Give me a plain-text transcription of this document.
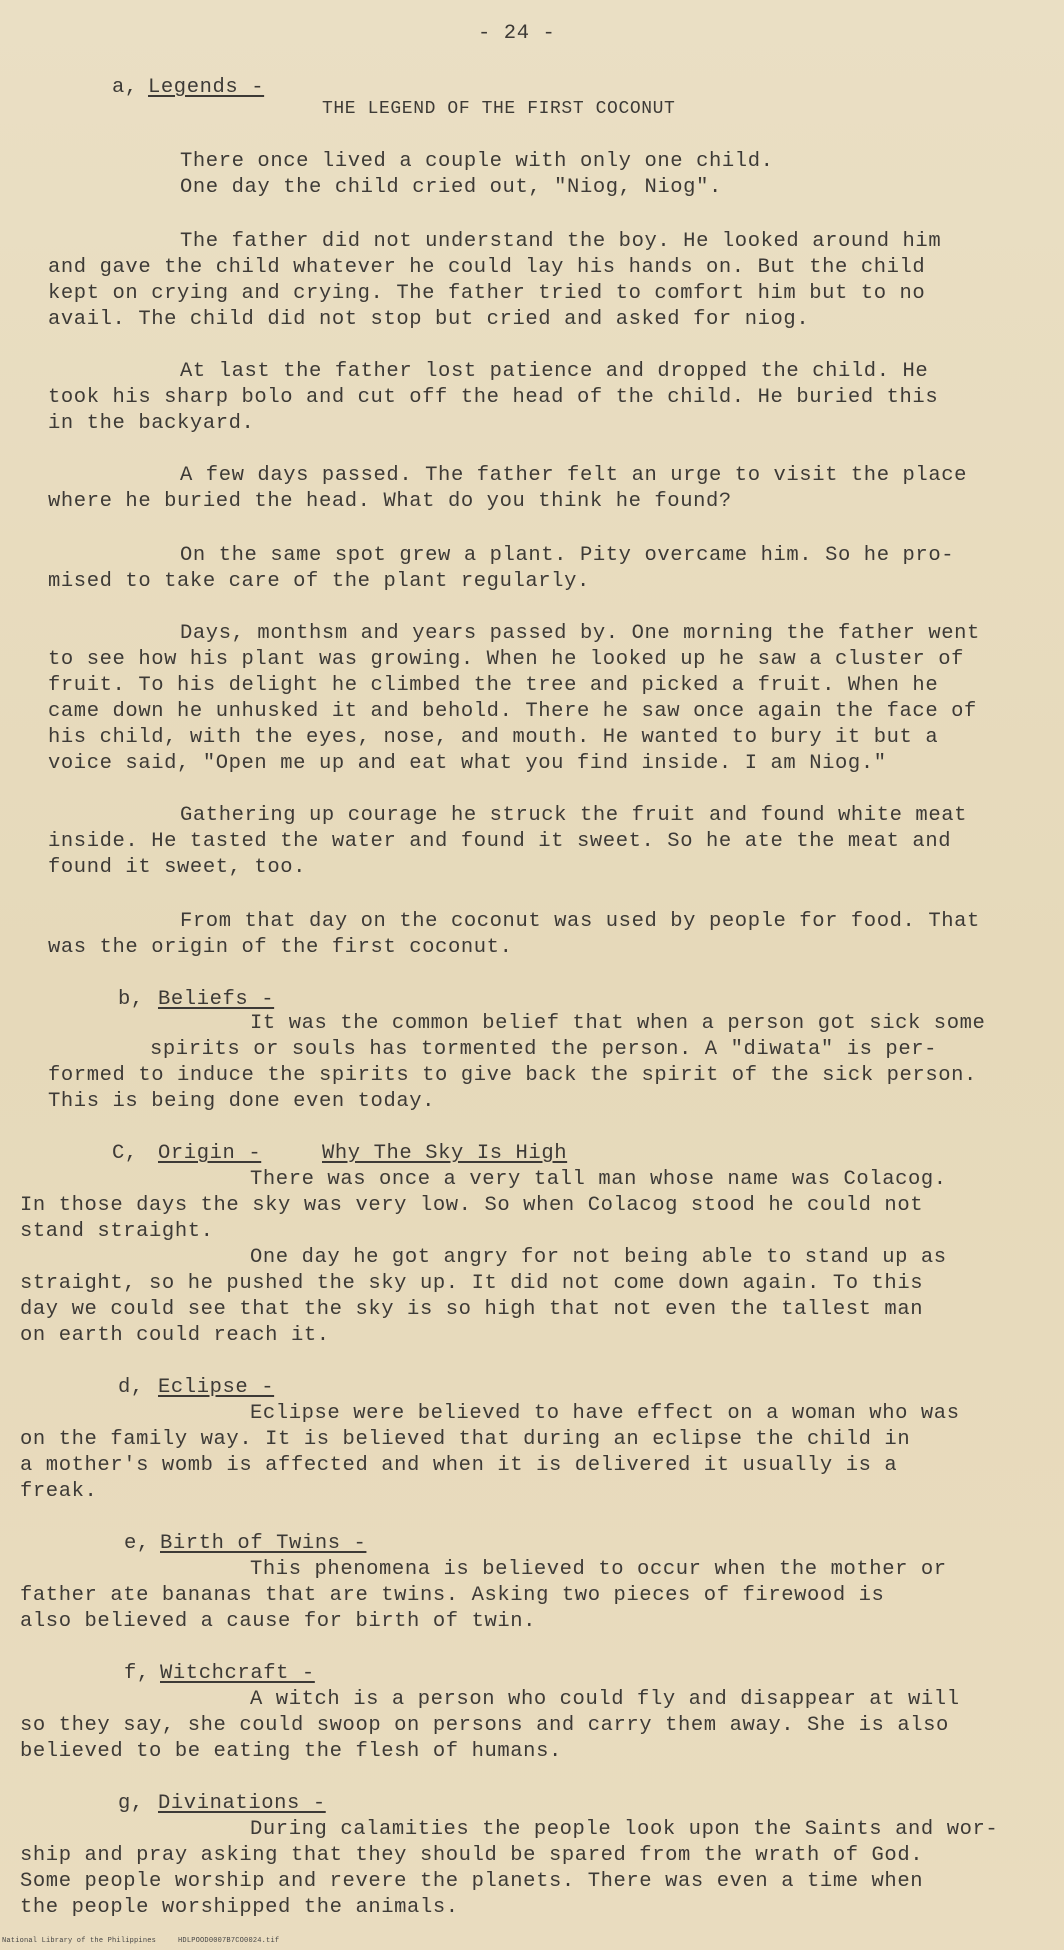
- 24 -
a, Legends -
THE LEGEND OF THE FIRST COCONUT
There once lived a couple with only one child.
One day the child cried out, "Niog, Niog".
The father did not understand the boy. He looked around him
and gave the child whatever he could lay his hands on. But the child
kept on crying and crying. The father tried to comfort him but to no
avail. The child did not stop but cried and asked for niog.
At last the father lost patience and dropped the child. He
took his sharp bolo and cut off the head of the child. He buried this
in the backyard.
A few days passed. The father felt an urge to visit the place
where he buried the head. What do you think he found?
On the same spot grew a plant. Pity overcame him. So he pro-
mised to take care of the plant regularly.
Days, monthsm and years passed by. One morning the father went
to see how his plant was growing. When he looked up he saw a cluster of
fruit. To his delight he climbed the tree and picked a fruit. When he
came down he unhusked it and behold. There he saw once again the face of
his child, with the eyes, nose, and mouth. He wanted to bury it but a
voice said, "Open me up and eat what you find inside. I am Niog."
Gathering up courage he struck the fruit and found white meat
inside. He tasted the water and found it sweet. So he ate the meat and
found it sweet, too.
From that day on the coconut was used by people for food. That
was the origin of the first coconut.
b, Beliefs -
It was the common belief that when a person got sick some
spirits or souls has tormented the person. A "diwata" is per-
formed to induce the spirits to give back the spirit of the sick person.
This is being done even today.
C, Origin -	Why The Sky Is High
There was once a very tall man whose name was Colacog.
In those days the sky was very low. So when Colacog stood he could not
stand straight.
One day he got angry for not being able to stand up as
straight, so he pushed the sky up. It did not come down again. To this
day we could see that the sky is so high that not even the tallest man
on earth could reach it.
d, Eclipse -
Eclipse were believed to have effect on a woman who was
on the family way. It is believed that during an eclipse the child in
a mother's womb is affected and when it is delivered it usually is a
freak.
e, Birth of Twins -
This phenomena is believed to occur when the mother or
father ate bananas that are twins. Asking two pieces of firewood is
also believed a cause for birth of twin.
f, Witchcraft -
A witch is a person who could fly and disappear at will
so they say, she could swoop on persons and carry them away. She is also
believed to be eating the flesh of humans.
g, Divinations -
During calamities the people look upon the Saints and wor-
ship and pray asking that they should be spared from the wrath of God.
Some people worship and revere the planets. There was even a time when
the people worshipped the animals.
National Library of the Philippines     HDLPOOD0007B7CO0024.tif
